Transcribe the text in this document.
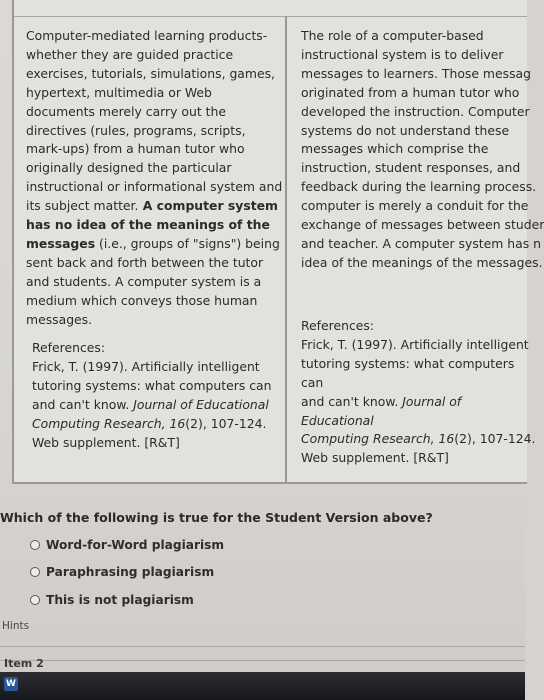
Computer-mediated learning products-
whether they are guided practice
exercises, tutorials, simulations, games,
hypertext, multimedia or Web
documents merely carry out the
directives (rules, programs, scripts,
mark-ups) from a human tutor who
originally designed the particular
instructional or informational system and
its subject matter. A computer system
has no idea of the meanings of the
messages (i.e., groups of "signs") being
sent back and forth between the tutor
and students. A computer system is a
medium which conveys those human
messages.
References:
Frick, T. (1997). Artificially intelligent
tutoring systems: what computers can
and can't know. Journal of Educational
Computing Research, 16(2), 107-124.
Web supplement. [R&T]
The role of a computer-based
instructional system is to deliver
messages to learners. Those messag
originated from a human tutor who
developed the instruction. Computer
systems do not understand these
messages which comprise the
instruction, student responses, and
feedback during the learning process.
computer is merely a conduit for the
exchange of messages between studer
and teacher. A computer system has n
idea of the meanings of the messages.
References:
Frick, T. (1997). Artificially intelligent
tutoring systems: what computers can
and can't know. Journal of Educational
Computing Research, 16(2), 107-124.
Web supplement. [R&T]
Which of the following is true for the Student Version above?
Word-for-Word plagiarism
Paraphrasing plagiarism
This is not plagiarism
Hints
Item 2
W
